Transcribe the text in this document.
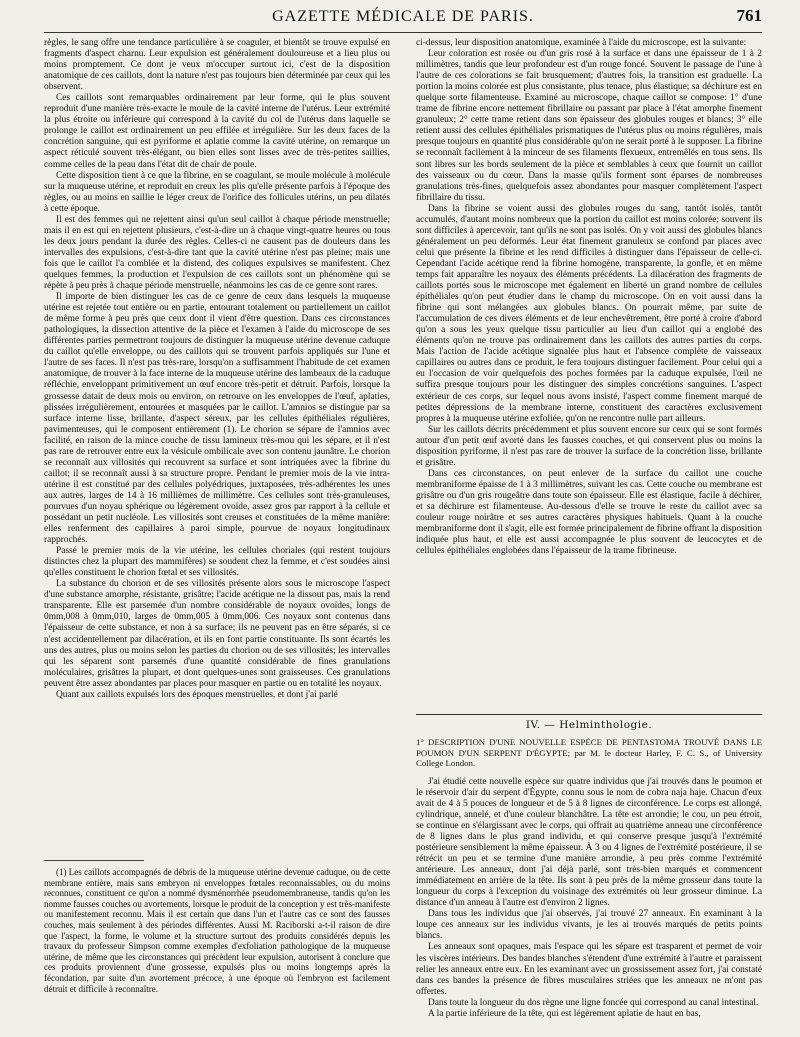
GAZETTE MÉDICALE DE PARIS.	761

règles, le sang offre une tendance particulière à se coaguler, et bientôt se trouve expulsé en fragments d'aspect charnu. Leur expulsion est généralement douloureuse et a lieu plus ou moins promptement. Ce dont je veux m'occuper surtout ici, c'est de la disposition anatomique de ces caillots, dont la nature n'est pas toujours bien déterminée par ceux qui les observent.

Ces caillots sont remarquables ordinairement par leur forme, qui le plus souvent reproduit d'une manière très-exacte le moule de la cavité interne de l'utérus. Leur extrémité la plus étroite ou inférieure qui correspond à la cavité du col de l'utérus dans laquelle se prolonge le caillot est ordinairement un peu effilée et irrégulière. Sur les deux faces de la concrétion sanguine, qui est pyriforme et aplatie comme la cavité utérine, on remarque un aspect réticulé souvent très-élégant, ou bien elles sont lisses avec de très-petites saillies, comme celles de la peau dans l'état dit de chair de poule.

Cette disposition tient à ce que la fibrine, en se coagulant, se moule molécule à molécule sur la muqueuse utérine, et reproduit en creux les plis qu'elle présente parfois à l'époque des règles, ou au moins en saillie le léger creux de l'orifice des follicules utérins, un peu dilatés à cette époque.

Il est des femmes qui ne rejettent ainsi qu'un seul caillot à chaque période menstruelle; mais il en est qui en rejettent plusieurs, c'est-à-dire un à chaque vingt-quatre heures ou tous les deux jours pendant la durée des règles. Celles-ci ne causent pas de douleurs dans les intervalles des expulsions, c'est-à-dire tant que la cavité utérine n'est pas pleine; mais une fois que le caillot l'a comblée et la distend, des coliques expulsives se manifestent. Chez quelques femmes, la production et l'expulsion de ces caillots sont un phénomène qui se répète à peu près à chaque période menstruelle, néanmoins les cas de ce genre sont rares.

Il importe de bien distinguer les cas de ce genre de ceux dans lesquels la muqueuse utérine est rejetée tout entière ou en partie, entourant totalement ou partiellement un caillot de même forme à peu près que ceux dont il vient d'être question. Dans ces circonstances pathologiques, la dissection attentive de la pièce et l'examen à l'aide du microscope de ses différentes parties permettront toujours de distinguer la muqueuse utérine devenue caduque du caillot qu'elle enveloppe, ou des caillots qui se trouvent parfois appliqués sur l'une et l'autre de ses faces. Il n'est pas très-rare, lorsqu'on a suffisamment l'habitude de cet examen anatomique, de trouver à la face interne de la muqueuse utérine des lambeaux de la caduque réfléchie, enveloppant primitivement un œuf encore très-petit et détruit. Parfois, lorsque la grossesse datait de deux mois ou environ, on retrouve on les enveloppes de l'œuf, aplaties, plissées irrégulièrement, entourées et masquées par le caillot. L'amnios se distingue par sa surface interne lisse, brillante, d'aspect séreux, par les cellules épithéliales régulières, pavimenteuses, qui le composent entièrement (1). Le chorion se sépare de l'amnios avec facilité, en raison de la mince couche de tissu lamineux très-mou qui les sépare, et il n'est pas rare de retrouver entre eux la vésicule ombilicale avec son contenu jaunâtre. Le chorion se reconnaît aux villosités qui recouvrent sa surface et sont intriquées avec la fibrine du caillot; il se reconnaît aussi à sa structure propre. Pendant le premier mois de la vie intra-utérine il est constitué par des cellules polyédriques, juxtaposées, très-adhérentes les unes aux autres, larges de 14 à 16 millièmes de millimètre. Ces cellules sont très-granuleuses, pourvues d'un noyau sphérique ou légèrement ovoïde, assez gros par rapport à la cellule et possédant un petit nucléole. Les villosités sont creuses et constituées de la même manière: elles renferment des capillaires à paroi simple, pourvue de noyaux longitudinaux rapprochés.

Passé le premier mois de la vie utérine, les cellules choriales (qui restent toujours distinctes chez la plupart des mammifères) se soudent chez la femme, et c'est soudées ainsi qu'elles constituent le chorion fœtal et ses villosités.

La substance du chorion et de ses villosités présente alors sous le microscope l'aspect d'une substance amorphe, résistante, grisâtre; l'acide acétique ne la dissout pas, mais la rend transparente. Elle est parsemée d'un nombre considérable de noyaux ovoïdes, longs de 0mm,008 à 0mm,010, larges de 0mm,005 à 0mm,006. Ces noyaux sont contenus dans l'épaisseur de cette substance, et non à sa surface; ils ne peuvent pas en être séparés, si ce n'est accidentellement par dilacération, et ils en font partie constituante. Ils sont écartés les uns des autres, plus ou moins selon les parties du chorion ou de ses villosités; les intervalles qui les séparent sont parsemés d'une quantité considérable de fines granulations moléculaires, grisâtres la plupart, et dont quelques-unes sont graisseuses. Ces granulations peuvent être assez abondantes par places pour masquer en partie ou en totalité les noyaux.

Quant aux caillots expulsés lors des époques menstruelles, et dont j'ai parlé

(1) Les caillots accompagnés de débris de la muqueuse utérine devenue caduque, ou de cette membrane entière, mais sans embryon ni enveloppes fœtales reconnaissables, ou du moins reconnues, constituent ce qu'on a nommé dysménorrhée pseudomembraneuse, tandis qu'on les nomme fausses couches ou avortements, lorsque le produit de la conception y est très-manifeste ou manifestement reconnu. Mais il est certain que dans l'un et l'autre cas ce sont des fausses couches, mais seulement à des périodes différentes. Aussi M. Raciborski a-t-il raison de dire que l'aspect, la forme, le volume et la structure surtout des produits considérés depuis les travaux du professeur Simpson comme exemples d'exfoliation pathologique de la muqueuse utérine, de même que les circonstances qui précèdent leur expulsion, autorisent à conclure que ces produits proviennent d'une grossesse, expulsés plus ou moins longtemps après la fécondation, par suite d'un avortement précoce, à une époque où l'embryon est facilement détruit et difficile à reconnaître.

ci-dessus, leur disposition anatomique, examinée à l'aide du microscope, est la suivante:

Leur coloration est rosée ou d'un gris rosé à la surface et dans une épaisseur de 1 à 2 millimètres, tandis que leur profondeur est d'un rouge foncé. Souvent le passage de l'une à l'autre de ces colorations se fait brusquement; d'autres fois, la transition est graduelle. La portion la moins colorée est plus consistante, plus tenace, plus élastique; sa déchirure est en quelque sorte filamenteuse. Examiné au microscope, chaque caillot se compose: 1° d'une trame de fibrine encore nettement fibrillaire ou passant par place à l'état amorphe finement granuleux; 2° cette trame retient dans son épaisseur des globules rouges et blancs; 3° elle retient aussi des cellules épithéliales prismatiques de l'utérus plus ou moins régulières, mais presque toujours en quantité plus considérable qu'on ne serait porté à le supposer. La fibrine se reconnaît facilement à la minceur de ses filaments flexueux, entremêlés en tous sens. Ils sont libres sur les bords seulement de la pièce et semblables à ceux que fournit un caillot des vaisseaux ou du cœur. Dans la masse qu'ils forment sont éparses de nombreuses granulations très-fines, quelquefois assez abondantes pour masquer complètement l'aspect fibrillaire du tissu.

Dans la fibrine se voient aussi des globules rouges du sang, tantôt isolés, tantôt accumulés, d'autant moins nombreux que la portion du caillot est moins colorée; souvent ils sont difficiles à apercevoir, tant qu'ils ne sont pas isolés. On y voit aussi des globules blancs généralement un peu déformés. Leur état finement granuleux se confond par places avec celui que présente la fibrine et les rend difficiles à distinguer dans l'épaisseur de celle-ci. Cependant l'acide acétique rend la fibrine homogène, transparente, la gonfle, et en même temps fait apparaître les noyaux des éléments précédents. La dilacération des fragments de caillots portés sous le microscope met également en liberté un grand nombre de cellules épithéliales qu'on peut étudier dans le champ du microscope. On en voit aussi dans la fibrine qui sont mélangées aux globules blancs. On pourrait même, par suite de l'accumulation de ces divers éléments et de leur enchevêtrement, être porté à croire d'abord qu'on a sous les yeux quelque tissu particulier au lieu d'un caillot qui a englobé des éléments qu'on ne trouve pas ordinairement dans les caillots des autres parties du corps. Mais l'action de l'acide acétique signalée plus haut et l'absence complète de vaisseaux capillaires ou autres dans ce produit, le fera toujours distinguer facilement. Pour celui qui a eu l'occasion de voir quelquefois des poches formées par la caduque expulsée, l'œil ne suffira presque toujours pour les distinguer des simples concrétions sanguines. L'aspect extérieur de ces corps, sur lequel nous avons insisté, l'aspect comme finement marqué de petites dépressions de la membrane interne, constituent des caractères exclusivement propres à la muqueuse utérine exfoliée, qu'on ne rencontre nulle part ailleurs.

Sur les caillots décrits précédemment et plus souvent encore sur ceux qui se sont formés autour d'un petit œuf avorté dans les fausses couches, et qui conservent plus ou moins la disposition pyriforme, il n'est pas rare de trouver la surface de la concrétion lisse, brillante et grisâtre.

Dans ces circonstances, on peut enlever de la surface du caillot une couche membraniforme épaisse de 1 à 3 millimètres, suivant les cas. Cette couche ou membrane est grisâtre ou d'un gris rougeâtre dans toute son épaisseur. Elle est élastique, facile à déchirer, et sa déchirure est filamenteuse. Au-dessous d'elle se trouve le reste du caillot avec sa couleur rouge noirâtre et ses autres caractères physiques habituels. Quant à la couche membraniforme dont il s'agit, elle est formée principalement de fibrine offrant la disposition indiquée plus haut, et elle est aussi accompagnée le plus souvent de leucocytes et de cellules épithéliales englobées dans l'épaisseur de la trame fibrineuse.

IV. — Helminthologie.
1° DESCRIPTION D'UNE NOUVELLE ESPÈCE DE PENTASTOMA TROUVÉ DANS LE POUMON D'UN SERPENT D'ÉGYPTE; par M. le docteur Harley, F. C. S., of University College London.

J'ai étudié cette nouvelle espèce sur quatre individus que j'ai trouvés dans le poumon et le réservoir d'air du serpent d'Égypte, connu sous le nom de cobra naja haje. Chacun d'eux avait de 4 à 5 pouces de longueur et de 5 à 8 lignes de circonférence. Le corps est allongé, cylindrique, annelé, et d'une couleur blanchâtre. La tête est arrondie; le cou, un peu étroit, se continue en s'élargissant avec le corps, qui offrait au quatrième anneau une circonférence de 8 lignes dans le plus grand individu, et qui conserve presque jusqu'à l'extrémité postérieure sensiblement la même épaisseur. À 3 ou 4 lignes de l'extrémité postérieure, il se rétrécit un peu et se termine d'une manière arrondie, à peu près comme l'extrémité antérieure. Les anneaux, dont j'ai déjà parlé, sont très-bien marqués et commencent immédiatement en arrière de la tête. Ils sont à peu près de la même grosseur dans toute la longueur du corps à l'exception du voisinage des extrémités où leur grosseur diminue. La distance d'un anneau à l'autre est d'environ 2 lignes.

Dans tous les individus que j'ai observés, j'ai trouvé 27 anneaux. En examinant à la loupe ces anneaux sur les individus vivants, je les ai trouvés marqués de petits points blancs.

Les anneaux sont opaques, mais l'espace qui les sépare est trasparent et permet de voir les viscères intérieurs. Des bandes blanches s'étendent d'une extrémité à l'autre et paraissent relier les anneaux entre eux. En les examinant avec un grossissement assez fort, j'ai constaté dans ces bandes la présence de fibres musculaires striées que les anneaux ne m'ont pas offertes.

Dans toute la longueur du dos règne une ligne foncée qui correspond au canal intestinal.

A la partie inférieure de la tête, qui est légèrement aplatie de haut en bas,
